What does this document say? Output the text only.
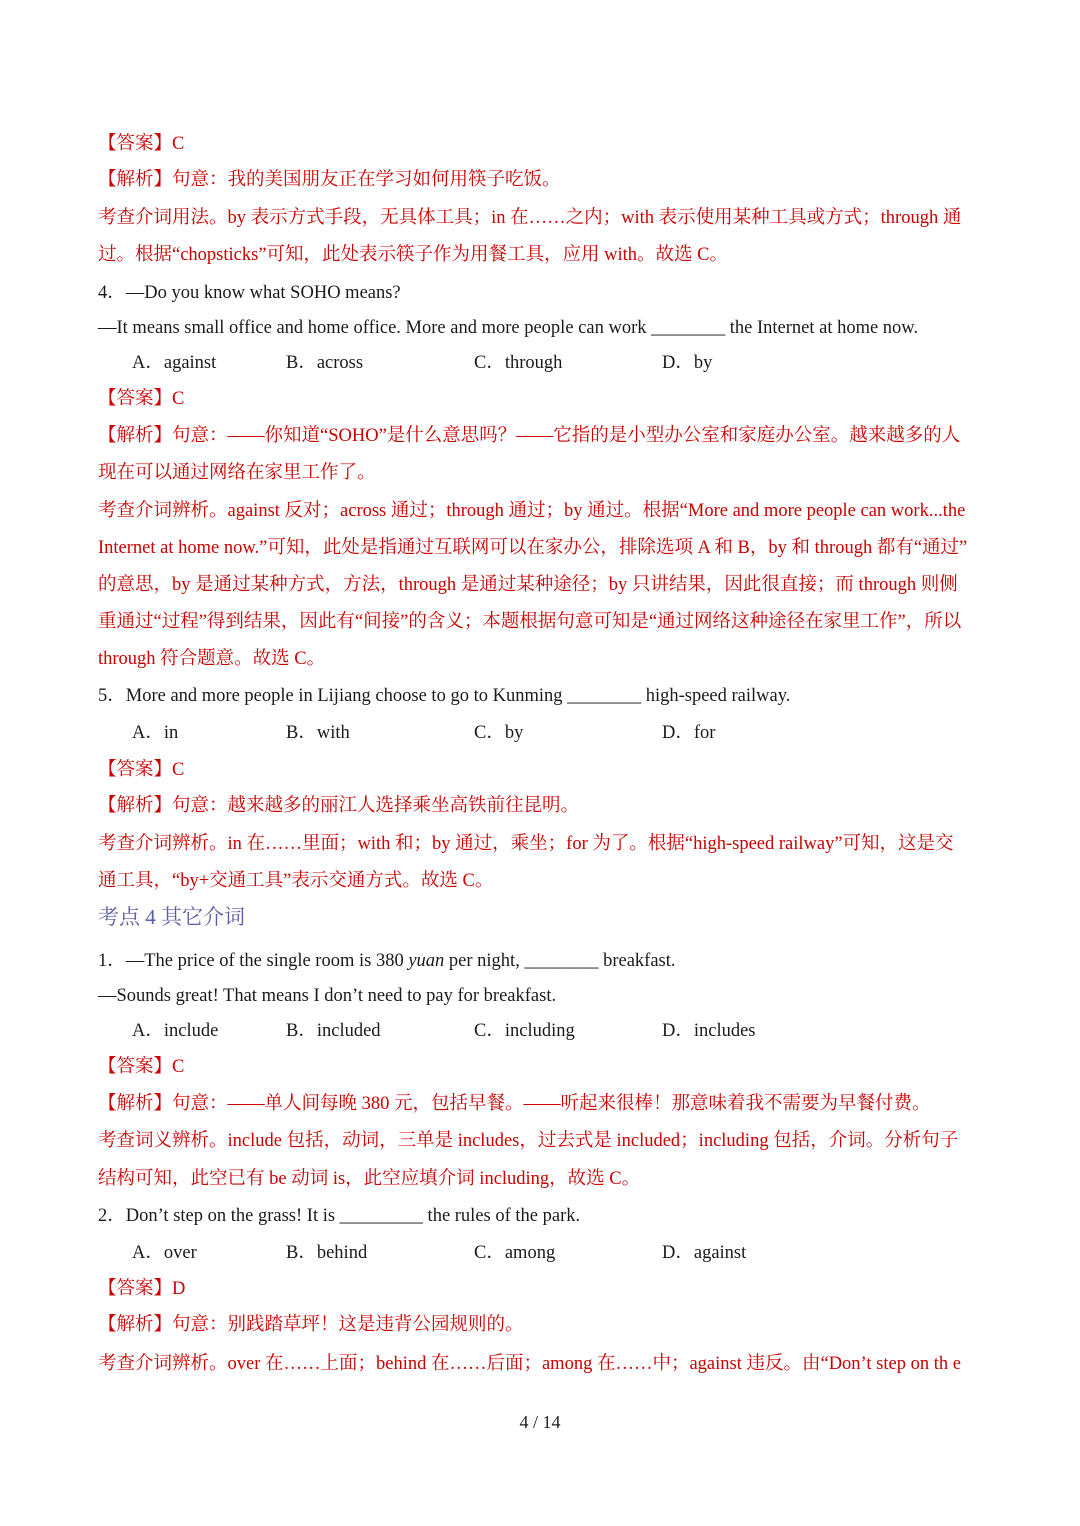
【答案】C
【解析】句意：我的美国朋友正在学习如何用筷子吃饭。
考查介词用法。by 表示方式手段，无具体工具；in 在……之内；with 表示使用某种工具或方式；through 通
过。根据“chopsticks”可知，此处表示筷子作为用餐工具，应用 with。故选 C。
4．—Do you know what SOHO means?
—It means small office and home office. More and more people can work ________ the Internet at home now.
A．against	B．across	C．through	D．by
【答案】C
【解析】句意：——你知道“SOHO”是什么意思吗？——它指的是小型办公室和家庭办公室。越来越多的人
现在可以通过网络在家里工作了。
考查介词辨析。against 反对；across 通过；through 通过；by 通过。根据“More and more people can work...the
Internet at home now.”可知，此处是指通过互联网可以在家办公，排除选项 A 和 B，by 和 through 都有“通过”
的意思，by 是通过某种方式，方法，through 是通过某种途径；by 只讲结果，因此很直接；而 through 则侧
重通过“过程”得到结果，因此有“间接”的含义；本题根据句意可知是“通过网络这种途径在家里工作”，所以
through 符合题意。故选 C。
5．More and more people in Lijiang choose to go to Kunming ________ high-speed railway.
A．in	B．with	C．by	D．for
【答案】C
【解析】句意：越来越多的丽江人选择乘坐高铁前往昆明。
考查介词辨析。in 在……里面；with 和；by 通过，乘坐；for 为了。根据“high-speed railway”可知，这是交
通工具，“by+交通工具”表示交通方式。故选 C。
考点 4 其它介词
1．—The price of the single room is 380 yuan per night, ________ breakfast.
—Sounds great! That means I don’t need to pay for breakfast.
A．include	B．included	C．including	D．includes
【答案】C
【解析】句意：——单人间每晚 380 元，包括早餐。——听起来很棒！那意味着我不需要为早餐付费。
考查词义辨析。include 包括，动词，三单是 includes，过去式是 included；including 包括，介词。分析句子
结构可知，此空已有 be 动词 is，此空应填介词 including，故选 C。
2．Don’t step on the grass! It is _________ the rules of the park.
A．over	B．behind	C．among	D．against
【答案】D
【解析】句意：别践踏草坪！这是违背公园规则的。
考查介词辨析。over 在……上面；behind 在……后面；among 在……中；against 违反。由“Don’t step on th e
4 / 14
